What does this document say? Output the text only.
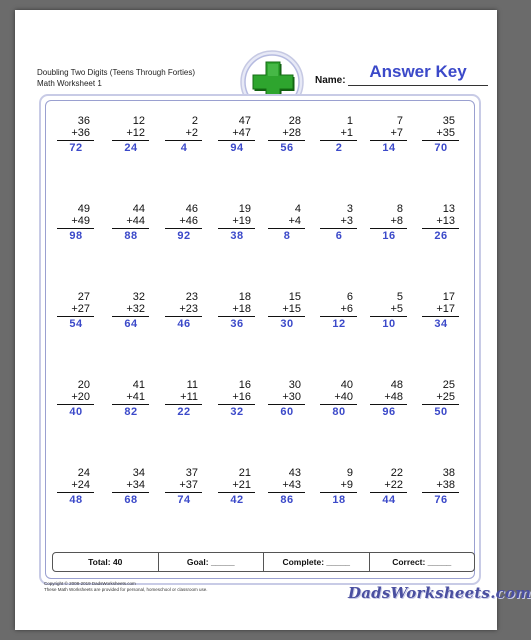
Doubling Two Digits (Teens Through Forties)
Math Worksheet 1	Name:	Answer Key
36
+36
72
12
+12
24
2
+2
4
47
+47
94
28
+28
56
1
+1
2
7
+7
14
35
+35
70
49
+49
98
44
+44
88
46
+46
92
19
+19
38
4
+4
8
3
+3
6
8
+8
16
13
+13
26
27
+27
54
32
+32
64
23
+23
46
18
+18
36
15
+15
30
6
+6
12
5
+5
10
17
+17
34
20
+20
40
41
+41
82
11
+11
22
16
+16
32
30
+30
60
40
+40
80
48
+48
96
25
+25
50
24
+24
48
34
+34
68
37
+37
74
21
+21
42
43
+43
86
9
+9
18
22
+22
44
38
+38
76
Total: 40	Goal: _____	Complete: _____	Correct: _____
Copyright © 2008-2019 DadsWorksheets.com
These Math Worksheets are provided for personal, homeschool or classroom use.	DadsWorksheets.com
